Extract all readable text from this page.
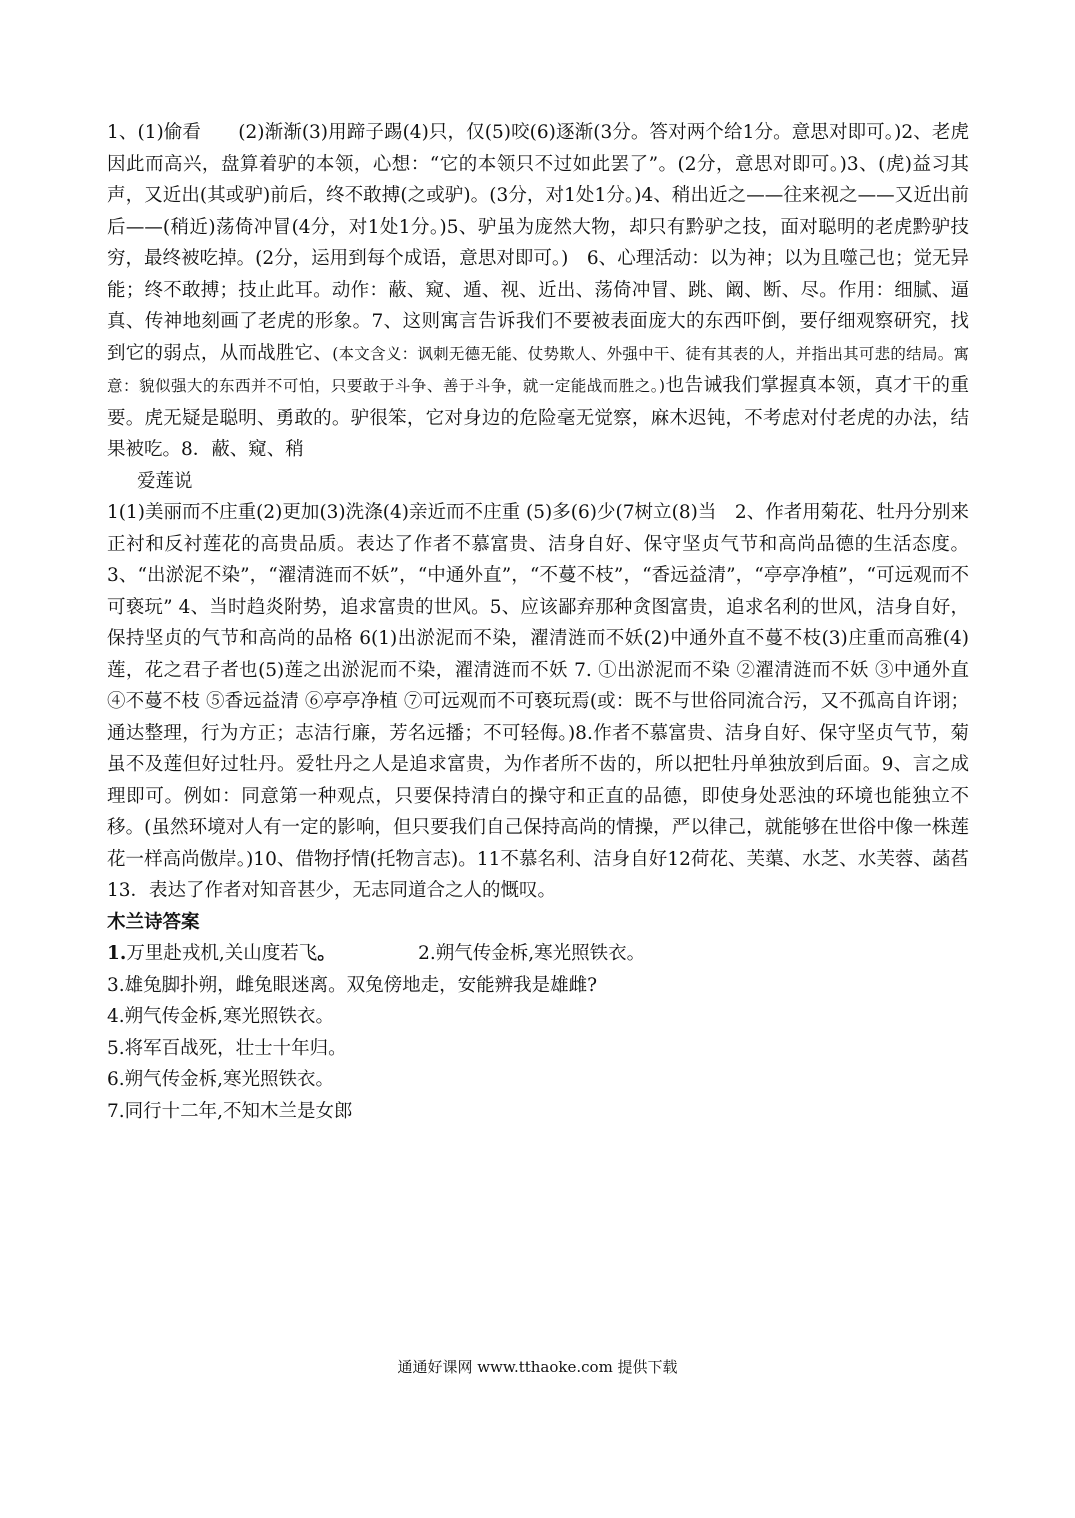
1、(1)偷看　　(2)渐渐(3)用蹄子踢(4)只，仅(5)咬(6)逐渐(3分。答对两个给1分。意思对即可。)2、老虎因此而高兴，盘算着驴的本领，心想：“它的本领只不过如此罢了”。(2分，意思对即可。)3、(虎)益习其声，又近出(其或驴)前后，终不敢搏(之或驴)。(3分，对1处1分。)4、稍出近之——往来视之——又近出前后——(稍近)荡倚冲冒(4分，对1处1分。)5、驴虽为庞然大物，却只有黔驴之技，面对聪明的老虎黔驴技穷，最终被吃掉。(2分，运用到每个成语，意思对即可。)　6、心理活动：以为神；以为且噬己也；觉无异能；终不敢搏；技止此耳。动作：蔽、窥、遁、视、近出、荡倚冲冒、跳、阚、断、尽。作用：细腻、逼真、传神地刻画了老虎的形象。7、这则寓言告诉我们不要被表面庞大的东西吓倒，要仔细观察研究，找到它的弱点，从而战胜它、(本文含义：讽刺无德无能、仗势欺人、外强中干、徒有其表的人，并指出其可悲的结局。寓意：貌似强大的东西并不可怕，只要敢于斗争、善于斗争，就一定能战而胜之。)也告诫我们掌握真本领，真才干的重要。虎无疑是聪明、勇敢的。驴很笨，它对身边的危险毫无觉察，麻木迟钝，不考虑对付老虎的办法，结果被吃。8．蔽、窥、稍

爱莲说

1(1)美丽而不庄重(2)更加(3)洗涤(4)亲近而不庄重 (5)多(6)少(7树立(8)当　2、作者用菊花、牡丹分别来正衬和反衬莲花的高贵品质。表达了作者不慕富贵、洁身自好、保守坚贞气节和高尚品德的生活态度。3、“出淤泥不染”，“濯清涟而不妖”，“中通外直”，“不蔓不枝”，“香远益清”，“亭亭净植”，“可远观而不可亵玩” 4、当时趋炎附势，追求富贵的世风。5、应该鄙弃那种贪图富贵，追求名利的世风，洁身自好，保持坚贞的气节和高尚的品格 6(1)出淤泥而不染，濯清涟而不妖(2)中通外直不蔓不枝(3)庄重而高雅(4)莲，花之君子者也(5)莲之出淤泥而不染，濯清涟而不妖 7. ①出淤泥而不染 ②濯清涟而不妖 ③中通外直 ④不蔓不枝 ⑤香远益清 ⑥亭亭净植 ⑦可远观而不可亵玩焉(或：既不与世俗同流合污，又不孤高自许诩；通达整理，行为方正；志洁行廉，芳名远播；不可轻侮。)8.作者不慕富贵、洁身自好、保守坚贞气节，菊虽不及莲但好过牡丹。爱牡丹之人是追求富贵，为作者所不齿的，所以把牡丹单独放到后面。9、言之成理即可。例如：同意第一种观点，只要保持清白的操守和正直的品德，即使身处恶浊的环境也能独立不移。(虽然环境对人有一定的影响，但只要我们自己保持高尚的情操，严以律己，就能够在世俗中像一株莲花一样高尚傲岸。)10、借物抒情(托物言志)。11不慕名利、洁身自好12荷花、芙蕖、水芝、水芙蓉、菡萏13．表达了作者对知音甚少，无志同道合之人的慨叹。

木兰诗答案

1.万里赴戎机,关山度若飞。	2.朔气传金柝,寒光照铁衣。

3.雄兔脚扑朔，雌兔眼迷离。双兔傍地走，安能辨我是雄雌?

4.朔气传金柝,寒光照铁衣。

5.将军百战死，壮士十年归。

6.朔气传金柝,寒光照铁衣。

7.同行十二年,不知木兰是女郎

通通好课网 www.tthaoke.com 提供下载
